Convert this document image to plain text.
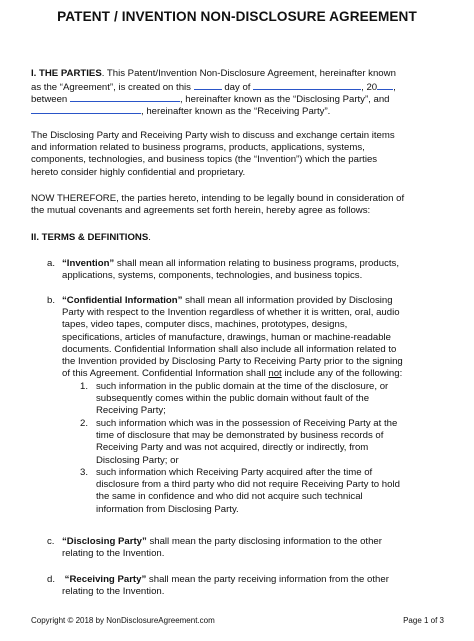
PATENT / INVENTION NON-DISCLOSURE AGREEMENT
I. THE PARTIES. This Patent/Invention Non-Disclosure Agreement, hereinafter known
as the “Agreement”, is created on this	day of	, 20 ,
between	, hereinafter known as the “Disclosing Party”, and
, hereinafter known as the “Receiving Party”.
The Disclosing Party and Receiving Party wish to discuss and exchange certain items
and information related to business programs, products, applications, systems,
components, technologies, and business topics (the “Invention”) which the parties
hereto consider highly confidential and proprietary.
NOW THEREFORE, the parties hereto, intending to be legally bound in consideration of
the mutual covenants and agreements set forth herein, hereby agree as follows:
II. TERMS & DEFINITIONS.
a. “Invention” shall mean all information relating to business programs, products,
applications, systems, components, technologies, and business topics.
b. “Confidential Information” shall mean all information provided by Disclosing
Party with respect to the Invention regardless of whether it is written, oral, audio
tapes, video tapes, computer discs, machines, prototypes, designs,
specifications, articles of manufacture, drawings, human or machine-readable
documents. Confidential Information shall also include all information related to
the Invention provided by Disclosing Party to Receiving Party prior to the signing
of this Agreement. Confidential Information shall not include any of the following:
1. such information in the public domain at the time of the disclosure, or
subsequently comes within the public domain without fault of the
Receiving Party;
2. such information which was in the possession of Receiving Party at the
time of disclosure that may be demonstrated by business records of
Receiving Party and was not acquired, directly or indirectly, from
Disclosing Party; or
3. such information which Receiving Party acquired after the time of
disclosure from a third party who did not require Receiving Party to hold
the same in confidence and who did not acquire such technical
information from Disclosing Party.
c. “Disclosing Party” shall mean the party disclosing information to the other
relating to the Invention.
d. “Receiving Party” shall mean the party receiving information from the other
relating to the Invention.
Copyright © 2018 by NonDisclosureAgreement.com	Page 1 of 3
